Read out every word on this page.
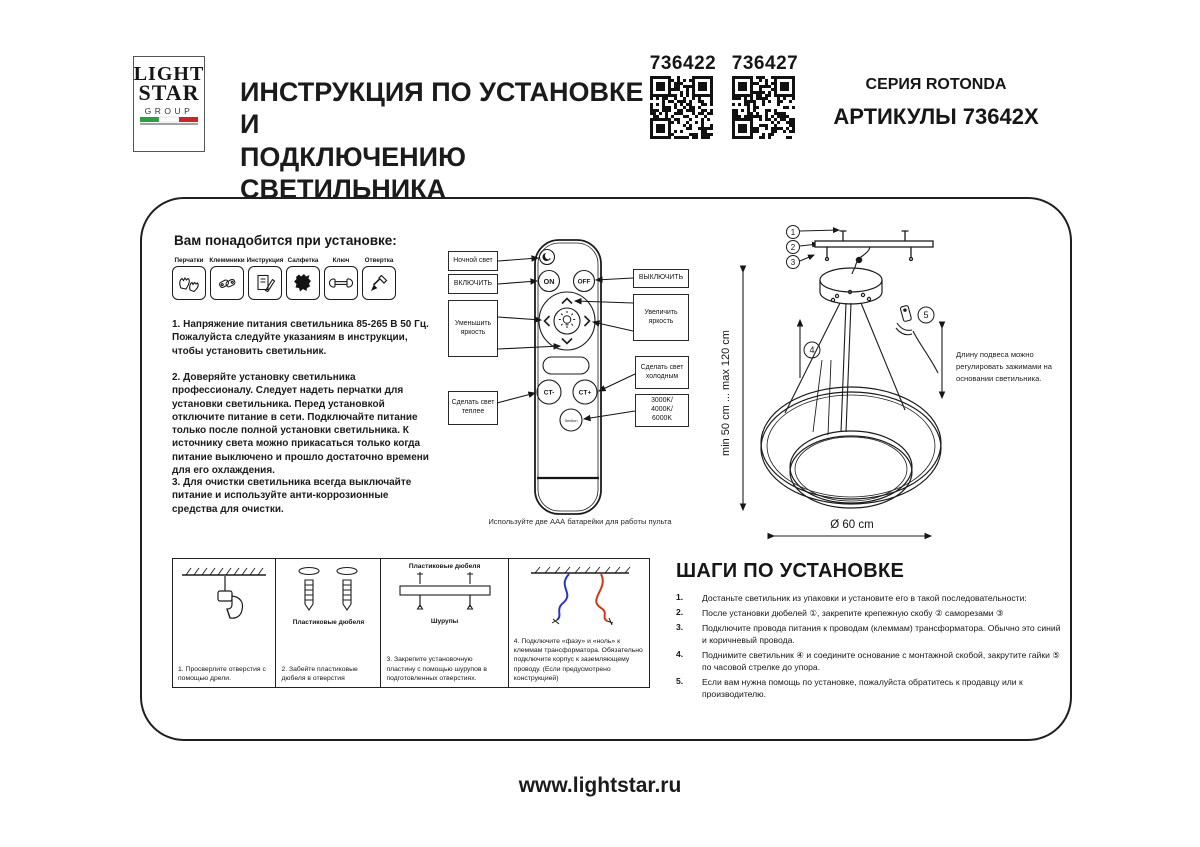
LIGHT
STAR
GROUP
ИНСТРУКЦИЯ ПО УСТАНОВКЕ И
ПОДКЛЮЧЕНИЮ СВЕТИЛЬНИКА
736422 736427
СЕРИЯ ROTONDA
АРТИКУЛЫ 73642X
Вам понадобится при установке:
Перчатки Клеммники Инструкция Салфетка Ключ Отвертка
1. Напряжение питания светильника 85-265 В 50 Гц. Пожалуйста следуйте указаниям в инструкции, чтобы установить светильник.
2. Доверяйте установку светильника профессионалу. Следует надеть перчатки для установки светильника. Перед установкой отключите питание в сети. Подключайте питание только после полной установки светильника. К источнику света можно прикасаться только когда питание выключено и прошло достаточно времени для его охлаждения.
3. Для очистки светильника всегда выключайте питание и используйте анти-коррозионные средства для очистки.
ON	OFF
CT-	CT+
Section
Ночной свет
ВКЛЮЧИТЬ
Уменьшить яркость
Сделать свет теплее
ВЫКЛЮЧИТЬ
Увеличить яркость
Сделать свет холодным
3000K/
4000K/
6000K
Используйте две ААА батарейки для работы пульта
1
2
3
4
5
min 50 cm ... max 120 cm
Ø 60 cm
Длину подвеса можно регулировать зажимами на основании светильника.
1. Просверлите отверстия с помощью дрели.
Пластиковые дюбеля
2. Забейте пластиковые дюбеля в отверстия
Пластиковые дюбеля
Шурупы
3. Закрепите установочную пластину с помощью шурупов в подготовленных отверстиях.
4. Подключите «фазу» и «ноль» к клеммам трансформатора. Обязательно подключите корпус к заземляющему проводу. (Если предусмотрено конструкцией)
ШАГИ ПО УСТАНОВКЕ
1.	Достаньте светильник из упаковки и установите его в такой последовательности:
2.	После установки дюбелей ①, закрепите крепежную скобу ② саморезами ③
3.	Подключите провода питания к проводам (клеммам) трансформатора. Обычно это синий и коричневый провода.
4.	Поднимите светильник ④ и соедините основание с монтажной скобой, закрутите гайки ⑤ по часовой стрелке до упора.
5.	Если вам нужна помощь по установке, пожалуйста обратитесь к продавцу или к производителю.
www.lightstar.ru
